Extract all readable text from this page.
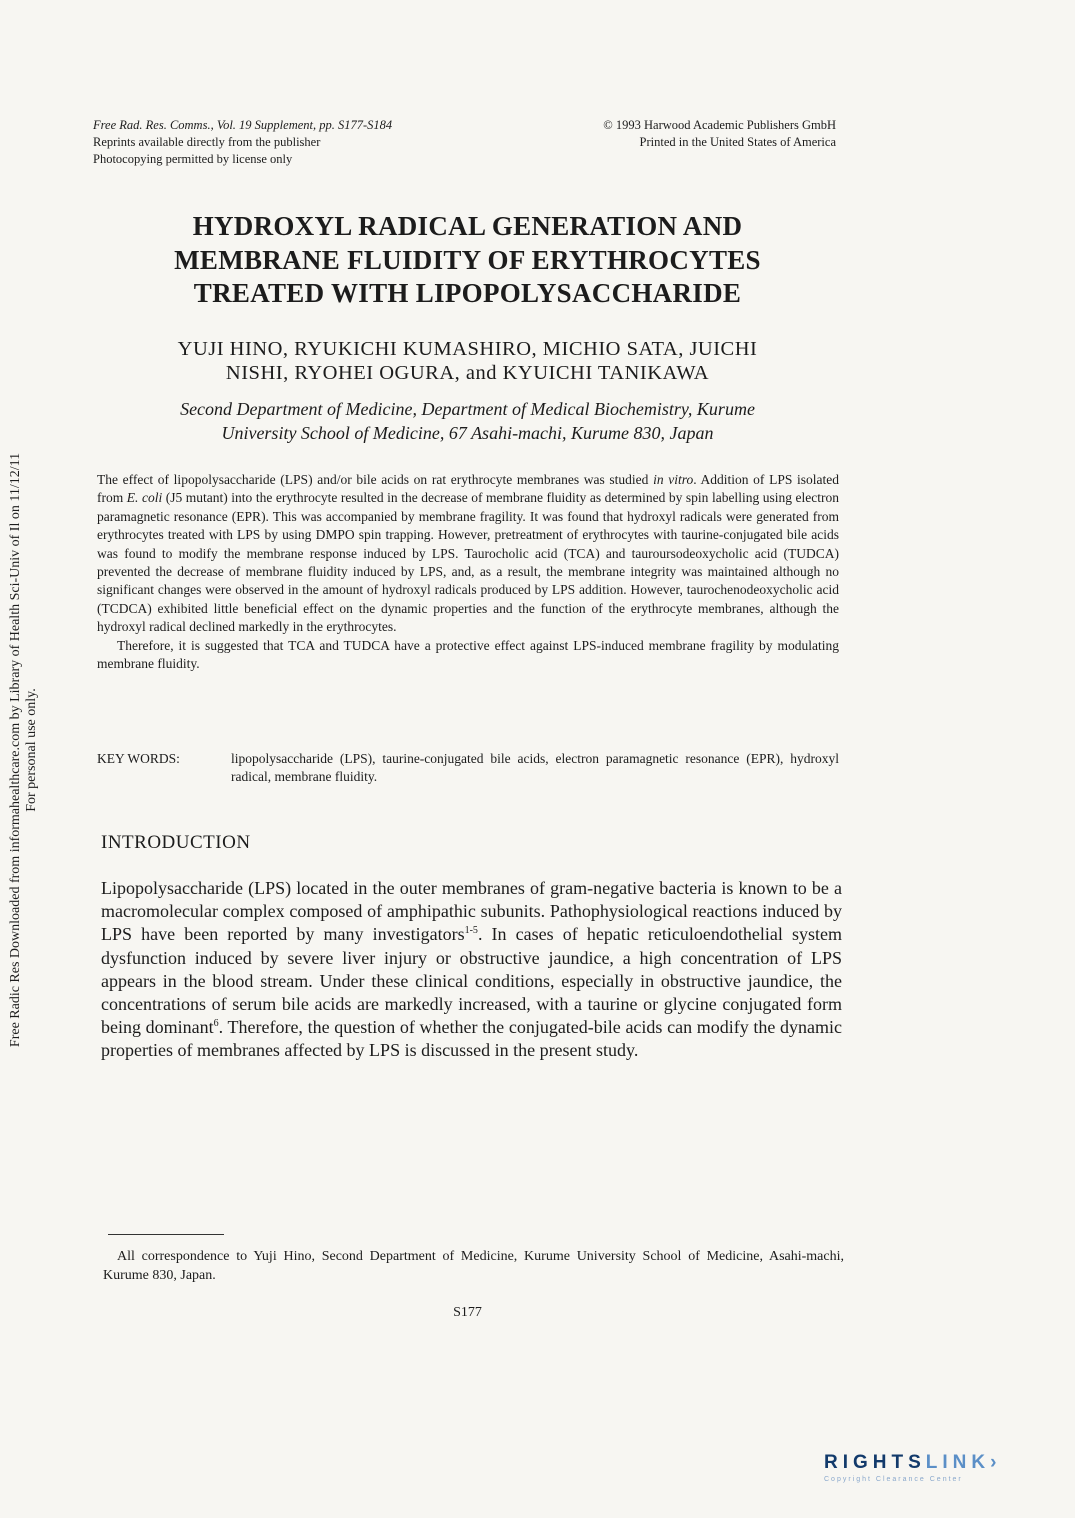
Free Rad. Res. Comms., Vol. 19 Supplement, pp. S177-S184
Reprints available directly from the publisher
Photocopying permitted by license only
© 1993 Harwood Academic Publishers GmbH
Printed in the United States of America
Free Radic Res Downloaded from informahealthcare.com by Library of Health Sci-Univ of Il on 11/12/11 For personal use only.
HYDROXYL RADICAL GENERATION AND
MEMBRANE FLUIDITY OF ERYTHROCYTES
TREATED WITH LIPOPOLYSACCHARIDE
YUJI HINO, RYUKICHI KUMASHIRO, MICHIO SATA, JUICHI
NISHI, RYOHEI OGURA, and KYUICHI TANIKAWA
Second Department of Medicine, Department of Medical Biochemistry, Kurume
University School of Medicine, 67 Asahi-machi, Kurume 830, Japan

The effect of lipopolysaccharide (LPS) and/or bile acids on rat erythrocyte membranes was studied in vitro. Addition of LPS isolated from E. coli (J5 mutant) into the erythrocyte resulted in the decrease of membrane fluidity as determined by spin labelling using electron paramagnetic resonance (EPR). This was accompanied by membrane fragility. It was found that hydroxyl radicals were generated from erythrocytes treated with LPS by using DMPO spin trapping. However, pretreatment of erythrocytes with taurine-conjugated bile acids was found to modify the membrane response induced by LPS. Taurocholic acid (TCA) and tauroursodeoxycholic acid (TUDCA) prevented the decrease of membrane fluidity induced by LPS, and, as a result, the membrane integrity was maintained although no significant changes were observed in the amount of hydroxyl radicals produced by LPS addition. However, taurochenodeoxycholic acid (TCDCA) exhibited little beneficial effect on the dynamic properties and the function of the erythrocyte membranes, although the hydroxyl radical declined markedly in the erythrocytes.

Therefore, it is suggested that TCA and TUDCA have a protective effect against LPS-induced membrane fragility by modulating membrane fluidity.

KEY WORDS:	lipopolysaccharide (LPS), taurine-conjugated bile acids, electron paramagnetic resonance (EPR), hydroxyl radical, membrane fluidity.
INTRODUCTION

Lipopolysaccharide (LPS) located in the outer membranes of gram-negative bacteria is known to be a macromolecular complex composed of amphipathic subunits. Pathophysiological reactions induced by LPS have been reported by many investigators$^{1-5}$. In cases of hepatic reticuloendothelial system dysfunction induced by severe liver injury or obstructive jaundice, a high concentration of LPS appears in the blood stream. Under these clinical conditions, especially in obstructive jaundice, the concentrations of serum bile acids are markedly increased, with a taurine or glycine conjugated form being dominant$^6$. Therefore, the question of whether the conjugated-bile acids can modify the dynamic properties of membranes affected by LPS is discussed in the present study.

All correspondence to Yuji Hino, Second Department of Medicine, Kurume University School of Medicine, Asahi-machi, Kurume 830, Japan.
S177
RIGHTSLINK›
Copyright Clearance Center
